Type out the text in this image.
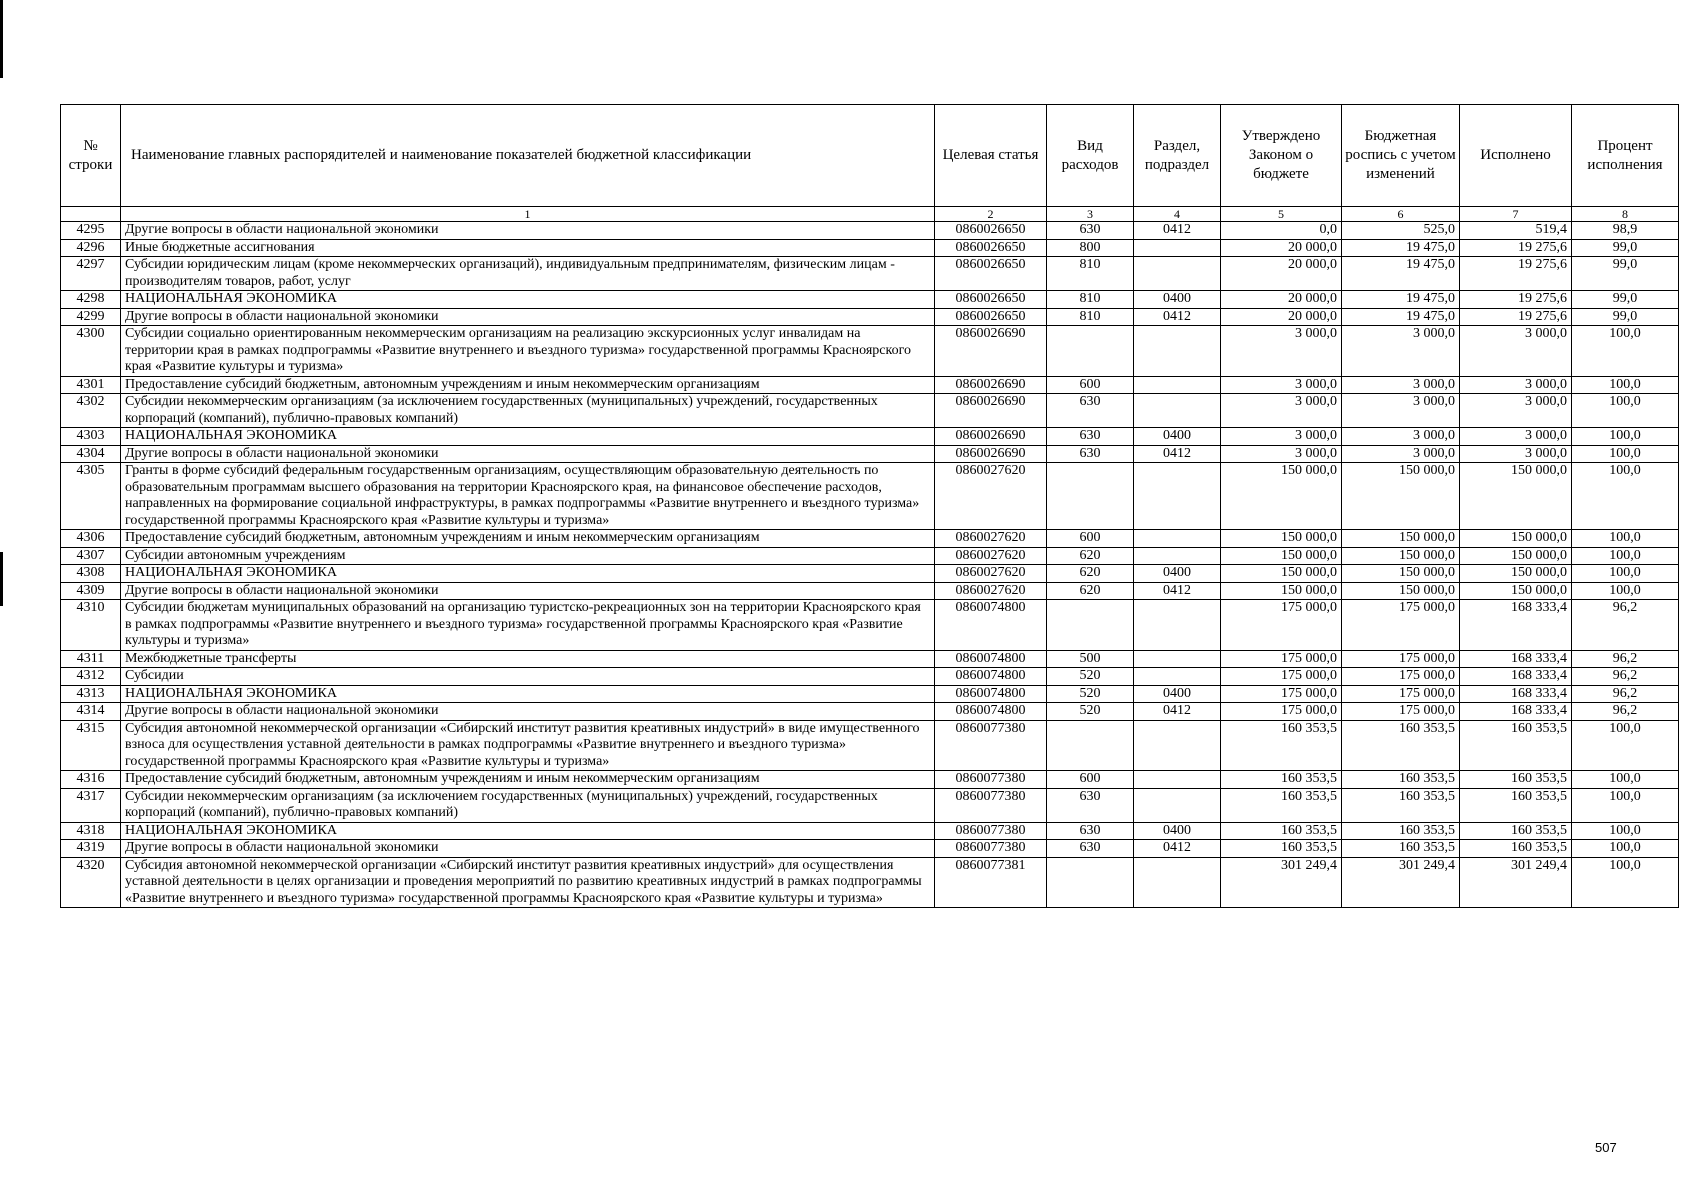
№ строки	Наименование главных распорядителей и наименование показателей бюджетной классификации	Целевая статья	Вид расходов	Раздел, подраздел	Утверждено Законом о бюджете	Бюджетная роспись с учетом изменений	Исполнено	Процент исполнения
	1	2	3	4	5	6	7	8
4295	Другие вопросы в области национальной экономики	0860026650	630	0412	0,0	525,0	519,4	98,9
4296	Иные бюджетные ассигнования	0860026650	800		20 000,0	19 475,0	19 275,6	99,0
4297	Субсидии юридическим лицам (кроме некоммерческих организаций), индивидуальным предпринимателям, физическим лицам - производителям товаров, работ, услуг	0860026650	810		20 000,0	19 475,0	19 275,6	99,0
4298	НАЦИОНАЛЬНАЯ ЭКОНОМИКА	0860026650	810	0400	20 000,0	19 475,0	19 275,6	99,0
4299	Другие вопросы в области национальной экономики	0860026650	810	0412	20 000,0	19 475,0	19 275,6	99,0
4300	Субсидии социально ориентированным некоммерческим организациям на реализацию экскурсионных услуг инвалидам на территории края в рамках подпрограммы «Развитие внутреннего и въездного туризма» государственной программы Красноярского края «Развитие культуры и туризма»	0860026690			3 000,0	3 000,0	3 000,0	100,0
4301	Предоставление субсидий бюджетным, автономным учреждениям и иным некоммерческим организациям	0860026690	600		3 000,0	3 000,0	3 000,0	100,0
4302	Субсидии некоммерческим организациям (за исключением государственных (муниципальных) учреждений, государственных корпораций (компаний), публично-правовых компаний)	0860026690	630		3 000,0	3 000,0	3 000,0	100,0
4303	НАЦИОНАЛЬНАЯ ЭКОНОМИКА	0860026690	630	0400	3 000,0	3 000,0	3 000,0	100,0
4304	Другие вопросы в области национальной экономики	0860026690	630	0412	3 000,0	3 000,0	3 000,0	100,0
4305	Гранты в форме субсидий федеральным государственным организациям, осуществляющим образовательную деятельность по образовательным программам высшего образования на территории Красноярского края, на финансовое обеспечение расходов, направленных на формирование социальной инфраструктуры, в рамках подпрограммы «Развитие внутреннего и въездного туризма» государственной программы Красноярского края «Развитие культуры и туризма»	0860027620			150 000,0	150 000,0	150 000,0	100,0
4306	Предоставление субсидий бюджетным, автономным учреждениям и иным некоммерческим организациям	0860027620	600		150 000,0	150 000,0	150 000,0	100,0
4307	Субсидии автономным учреждениям	0860027620	620		150 000,0	150 000,0	150 000,0	100,0
4308	НАЦИОНАЛЬНАЯ ЭКОНОМИКА	0860027620	620	0400	150 000,0	150 000,0	150 000,0	100,0
4309	Другие вопросы в области национальной экономики	0860027620	620	0412	150 000,0	150 000,0	150 000,0	100,0
4310	Субсидии бюджетам муниципальных образований на организацию туристско-рекреационных зон на территории Красноярского края в рамках подпрограммы «Развитие внутреннего и въездного туризма» государственной программы Красноярского края «Развитие культуры и туризма»	0860074800			175 000,0	175 000,0	168 333,4	96,2
4311	Межбюджетные трансферты	0860074800	500		175 000,0	175 000,0	168 333,4	96,2
4312	Субсидии	0860074800	520		175 000,0	175 000,0	168 333,4	96,2
4313	НАЦИОНАЛЬНАЯ ЭКОНОМИКА	0860074800	520	0400	175 000,0	175 000,0	168 333,4	96,2
4314	Другие вопросы в области национальной экономики	0860074800	520	0412	175 000,0	175 000,0	168 333,4	96,2
4315	Субсидия автономной некоммерческой организации «Сибирский институт развития креативных индустрий» в виде имущественного взноса для осуществления уставной деятельности в рамках подпрограммы «Развитие внутреннего и въездного туризма» государственной программы Красноярского края «Развитие культуры и туризма»	0860077380			160 353,5	160 353,5	160 353,5	100,0
4316	Предоставление субсидий бюджетным, автономным учреждениям и иным некоммерческим организациям	0860077380	600		160 353,5	160 353,5	160 353,5	100,0
4317	Субсидии некоммерческим организациям (за исключением государственных (муниципальных) учреждений, государственных корпораций (компаний), публично-правовых компаний)	0860077380	630		160 353,5	160 353,5	160 353,5	100,0
4318	НАЦИОНАЛЬНАЯ ЭКОНОМИКА	0860077380	630	0400	160 353,5	160 353,5	160 353,5	100,0
4319	Другие вопросы в области национальной экономики	0860077380	630	0412	160 353,5	160 353,5	160 353,5	100,0
4320	Субсидия автономной некоммерческой организации «Сибирский институт развития креативных индустрий» для осуществления уставной деятельности в целях организации и проведения мероприятий по развитию креативных индустрий в рамках подпрограммы «Развитие внутреннего и въездного туризма» государственной программы Красноярского края «Развитие культуры и туризма»	0860077381			301 249,4	301 249,4	301 249,4	100,0
507
